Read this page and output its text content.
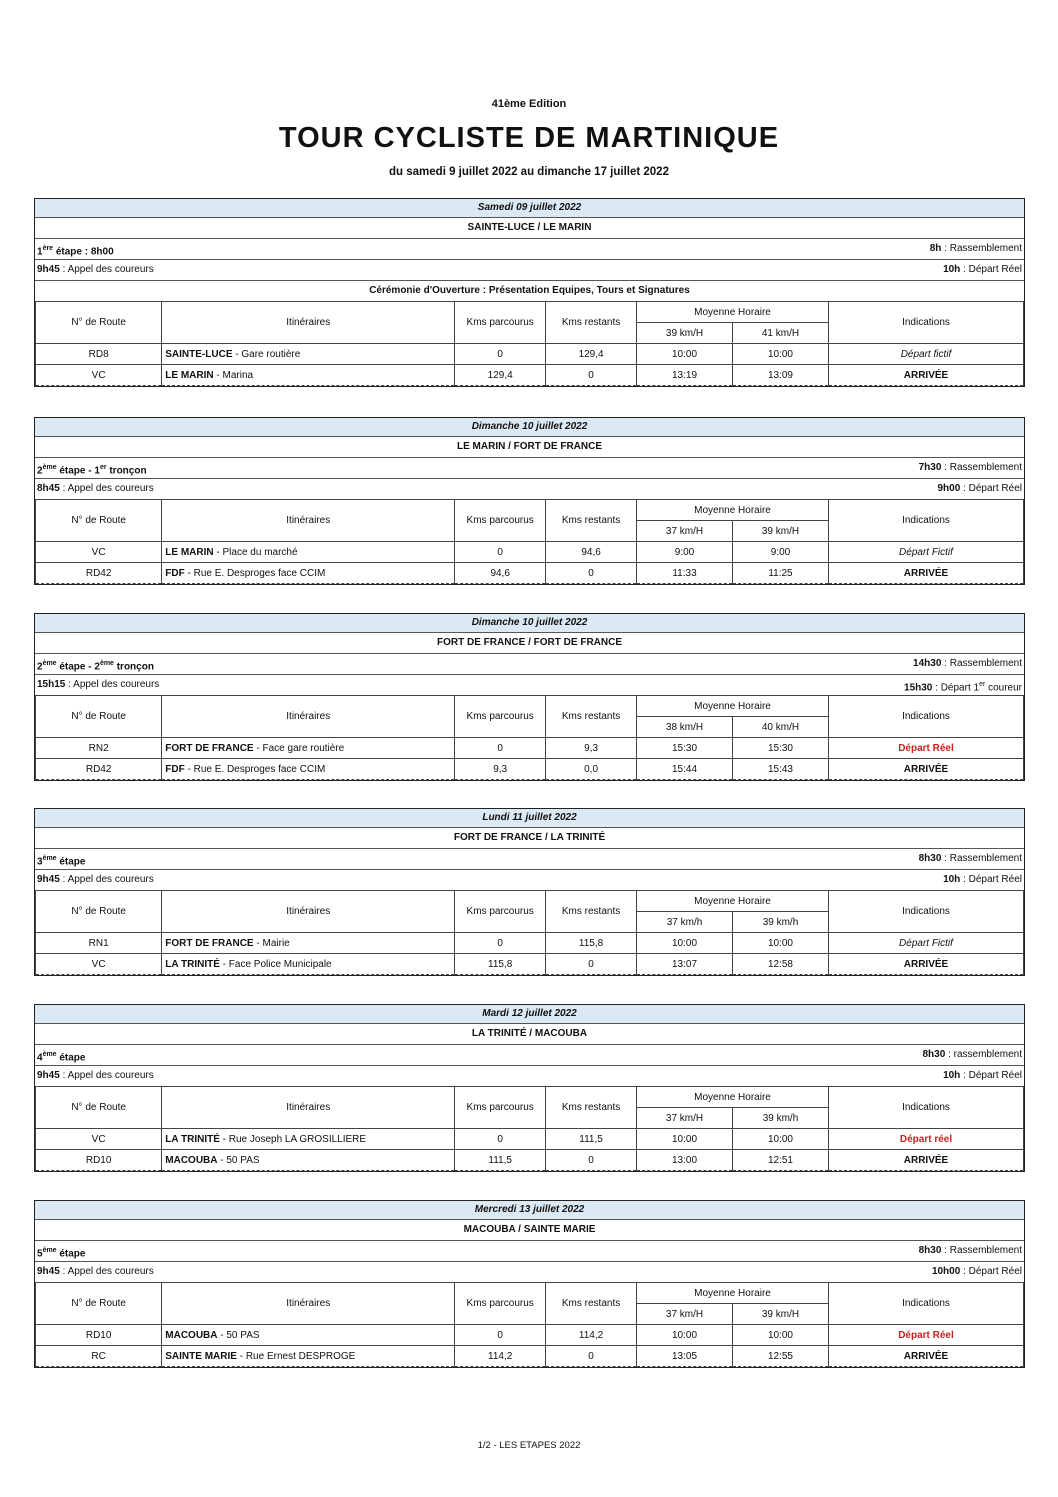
41ème Edition
TOUR CYCLISTE DE MARTINIQUE
du samedi 9 juillet 2022 au dimanche 17 juillet 2022
Samedi 09 juillet 2022
SAINTE-LUCE / LE MARIN
1ère étape : 8h00	8h : Rassemblement
9h45 : Appel des coureurs	10h : Départ Réel
Cérémonie d'Ouverture : Présentation Equipes, Tours et Signatures
N° de Route	Itinéraires	Kms parcourus	Kms restants	Moyenne Horaire		Indications
				39 km/H	41 km/H	
RD8	SAINTE-LUCE - Gare routière	0	129,4	10:00	10:00	Départ fictif
VC	LE MARIN - Marina	129,4	0	13:19	13:09	ARRIVÉE
Dimanche 10 juillet 2022
LE MARIN / FORT DE FRANCE
2ème étape - 1er tronçon	7h30 : Rassemblement
8h45 : Appel des coureurs	9h00 : Départ Réel
N° de Route	Itinéraires	Kms parcourus	Kms restants	Moyenne Horaire		Indications
				37 km/H	39 km/H	
VC	LE MARIN - Place du marché	0	94,6	9:00	9:00	Départ Fictif
RD42	FDF - Rue E. Desproges face CCIM	94,6	0	11:33	11:25	ARRIVÉE
Dimanche 10 juillet 2022
FORT DE FRANCE / FORT DE FRANCE
2ème étape - 2ème tronçon	14h30 : Rassemblement
15h15 : Appel des coureurs	15h30 : Départ 1er coureur
N° de Route	Itinéraires	Kms parcourus	Kms restants	Moyenne Horaire		Indications
				38 km/H	40 km/H	
RN2	FORT DE FRANCE - Face gare routière	0	9,3	15:30	15:30	Départ Réel
RD42	FDF - Rue E. Desproges face CCIM	9,3	0,0	15:44	15:43	ARRIVÉE
Lundi 11 juillet 2022
FORT DE FRANCE / LA TRINITÉ
3ème étape	8h30 : Rassemblement
9h45 : Appel des coureurs	10h : Départ Réel
N° de Route	Itinéraires	Kms parcourus	Kms restants	Moyenne Horaire		Indications
				37 km/h	39 km/h	
RN1	FORT DE FRANCE - Mairie	0	115,8	10:00	10:00	Départ Fictif
VC	LA TRINITÉ - Face Police Municipale	115,8	0	13:07	12:58	ARRIVÉE
Mardi 12 juillet 2022
LA TRINITÉ / MACOUBA
4ème étape	8h30 : rassemblement
9h45 : Appel des coureurs	10h : Départ Réel
N° de Route	Itinéraires	Kms parcourus	Kms restants	Moyenne Horaire		Indications
				37 km/H	39 km/h	
VC	LA TRINITÉ - Rue Joseph LA GROSILLIERE	0	111,5	10:00	10:00	Départ réel
RD10	MACOUBA - 50 PAS	111,5	0	13:00	12:51	ARRIVÉE
Mercredi 13 juillet 2022
MACOUBA / SAINTE MARIE
5ème étape	8h30 : Rassemblement
9h45 : Appel des coureurs	10h00 : Départ Réel
N° de Route	Itinéraires	Kms parcourus	Kms restants	Moyenne Horaire		Indications
				37 km/H	39 km/H	
RD10	MACOUBA - 50 PAS	0	114,2	10:00	10:00	Départ Réel
RC	SAINTE MARIE - Rue Ernest DESPROGE	114,2	0	13:05	12:55	ARRIVÉE
1/2 - LES ETAPES 2022
